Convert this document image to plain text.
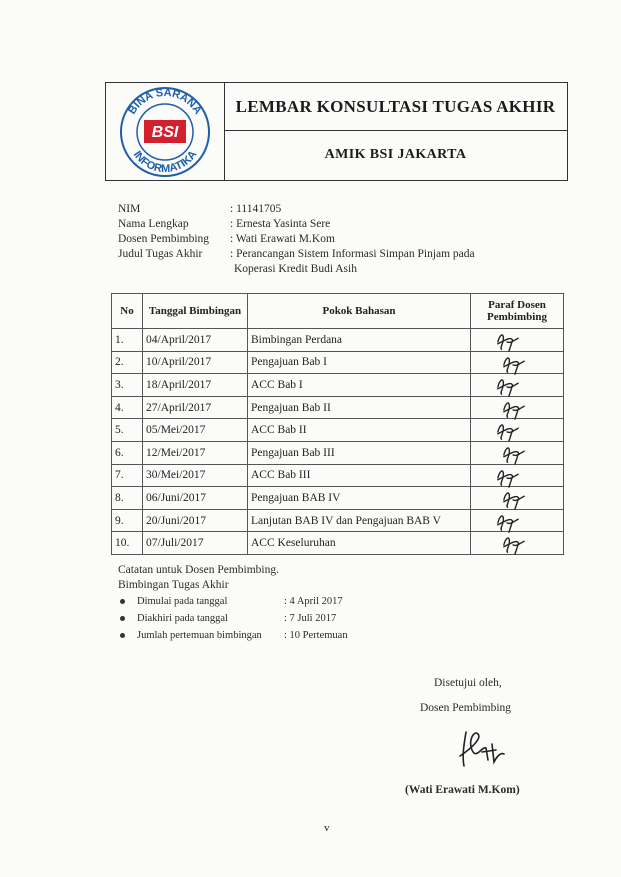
BINA SARANA
INFORMATIKA
BSI
LEMBAR KONSULTASI TUGAS AKHIR
AMIK BSI JAKARTA
NIM	: 11141705
Nama Lengkap	: Ernesta Yasinta Sere
Dosen Pembimbing	: Wati Erawati M.Kom
Judul Tugas Akhir	: Perancangan Sistem Informasi Simpan Pinjam pada
Koperasi Kredit Budi Asih
No	Tanggal Bimbingan	Pokok Bahasan	Paraf Dosen Pembimbing
1.	04/April/2017	Bimbingan Perdana	

2.	10/April/2017	Pengajuan Bab I	

3.	18/April/2017	ACC Bab I	

4.	27/April/2017	Pengajuan Bab II	

5.	05/Mei/2017	ACC Bab II	

6.	12/Mei/2017	Pengajuan Bab III	

7.	30/Mei/2017	ACC Bab III	

8.	06/Juni/2017	Pengajuan BAB IV	

9.	20/Juni/2017	Lanjutan BAB IV dan Pengajuan BAB V	

10.	07/Juli/2017	ACC Keseluruhan	
Catatan untuk Dosen Pembimbing.
Bimbingan Tugas Akhir
Dimulai pada tanggal	: 4 April 2017
Diakhiri pada tanggal	: 7 Juli 2017
Jumlah pertemuan bimbingan : 10 Pertemuan
Disetujui oleh,
Dosen Pembimbing
(Wati Erawati M.Kom)
v
